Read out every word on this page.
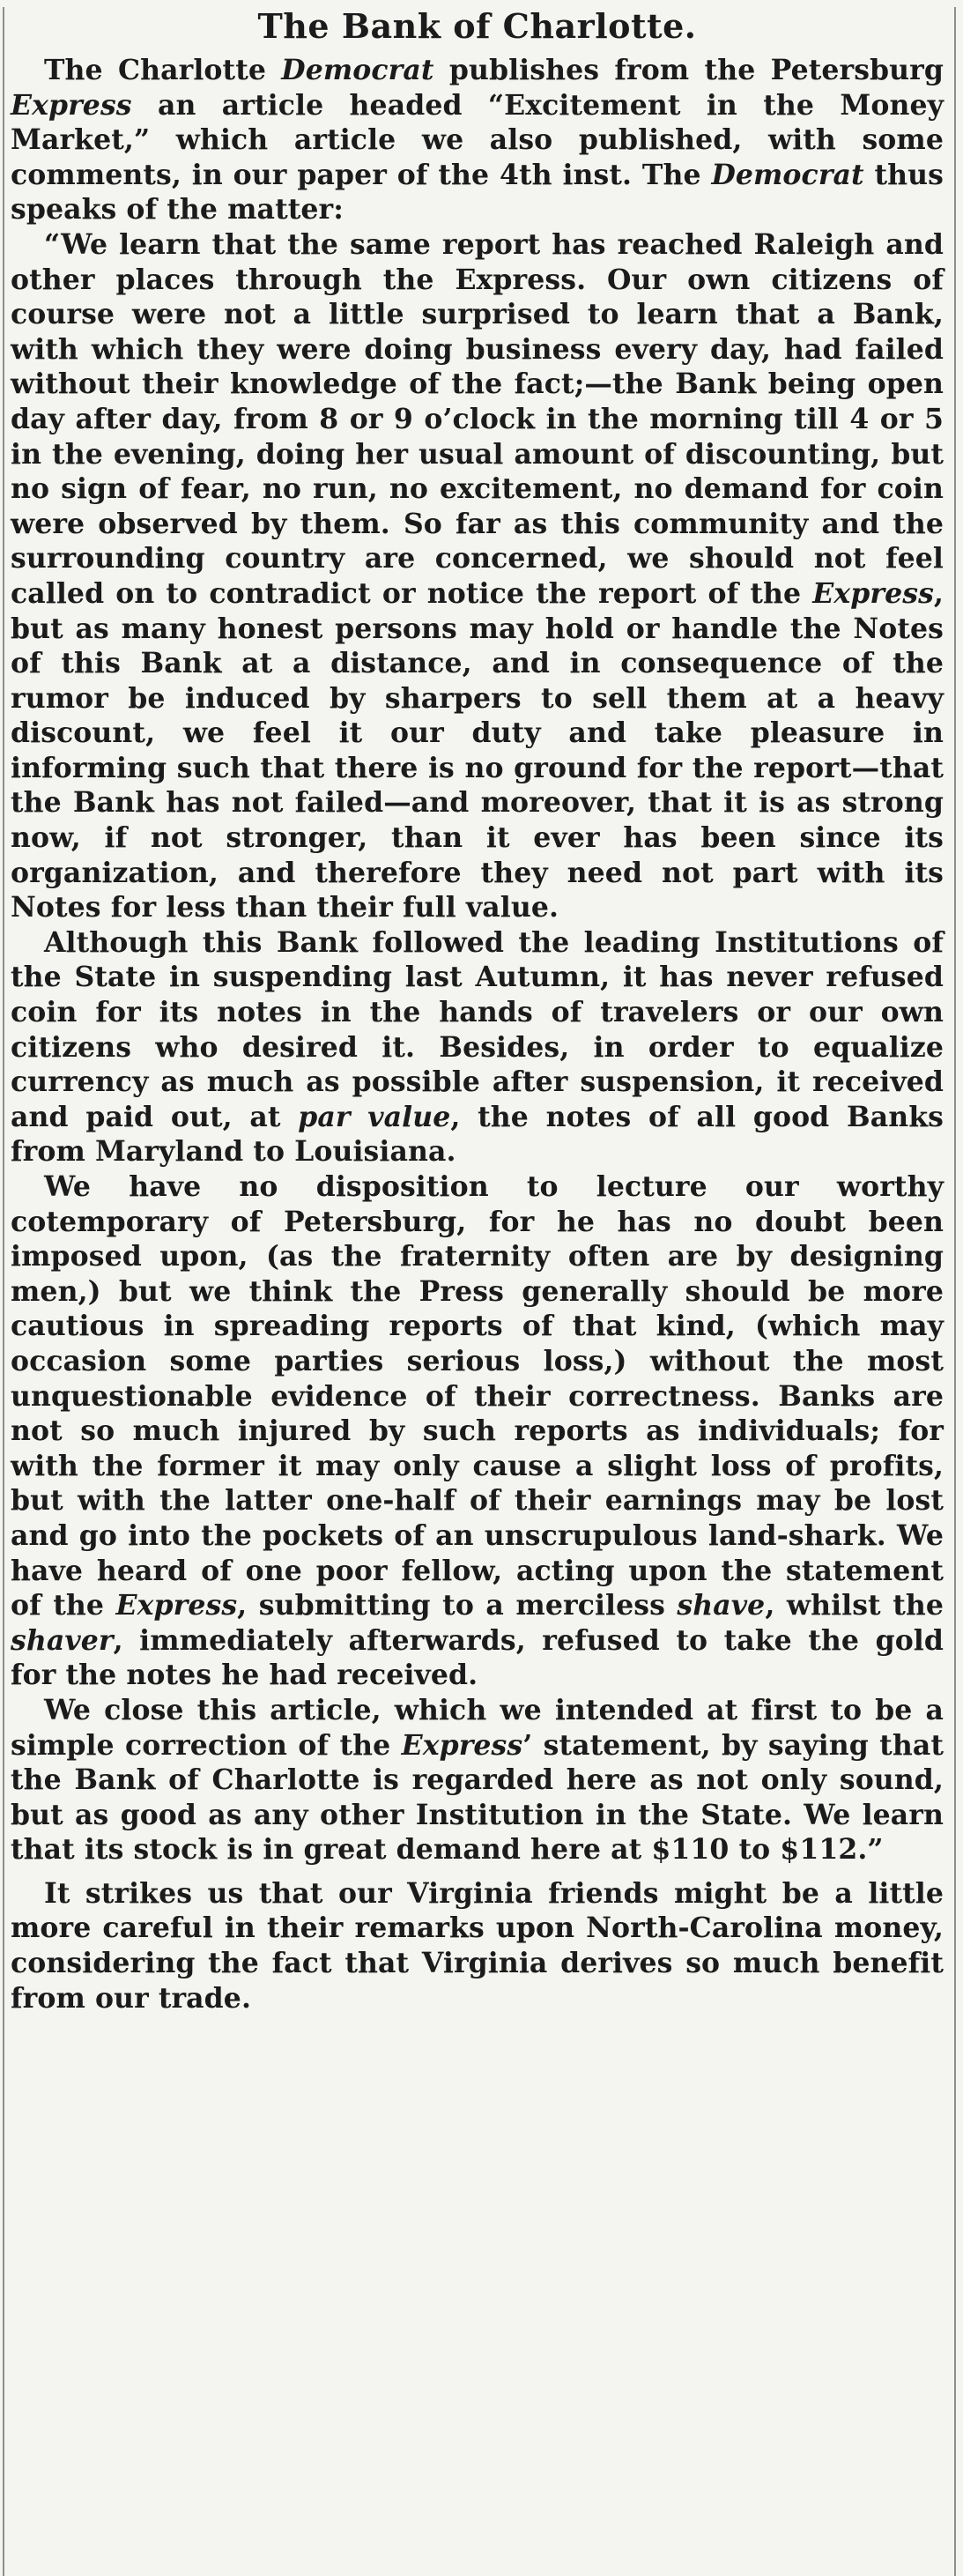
The Bank of Charlotte.

The Charlotte Democrat publishes from the Petersburg Express an article headed “Excitement in the Money Market,” which article we also published, with some comments, in our paper of the 4th inst. The Democrat thus speaks of the matter:

“We learn that the same report has reached Raleigh and other places through the Express. Our own citizens of course were not a little surprised to learn that a Bank, with which they were doing business every day, had failed without their knowledge of the fact;—the Bank being open day after day, from 8 or 9 o’clock in the morning till 4 or 5 in the evening, doing her usual amount of discounting, but no sign of fear, no run, no excitement, no demand for coin were observed by them. So far as this community and the surrounding country are concerned, we should not feel called on to contradict or notice the report of the Express, but as many honest persons may hold or handle the Notes of this Bank at a distance, and in consequence of the rumor be induced by sharpers to sell them at a heavy discount, we feel it our duty and take pleasure in informing such that there is no ground for the report—that the Bank has not failed—and moreover, that it is as strong now, if not stronger, than it ever has been since its organization, and therefore they need not part with its Notes for less than their full value.

Although this Bank followed the leading Institutions of the State in suspending last Autumn, it has never refused coin for its notes in the hands of travelers or our own citizens who desired it. Besides, in order to equalize currency as much as possible after suspension, it received and paid out, at par value, the notes of all good Banks from Maryland to Louisiana.

We have no disposition to lecture our worthy cotemporary of Petersburg, for he has no doubt been imposed upon, (as the fraternity often are by designing men,) but we think the Press generally should be more cautious in spreading reports of that kind, (which may occasion some parties serious loss,) without the most unquestionable evidence of their correctness. Banks are not so much injured by such reports as individuals; for with the former it may only cause a slight loss of profits, but with the latter one-half of their earnings may be lost and go into the pockets of an unscrupulous land-shark. We have heard of one poor fellow, acting upon the statement of the Express, submitting to a merciless shave, whilst the shaver, immediately afterwards, refused to take the gold for the notes he had received.

We close this article, which we intended at first to be a simple correction of the Express’ statement, by saying that the Bank of Charlotte is regarded here as not only sound, but as good as any other Institution in the State. We learn that its stock is in great demand here at $110 to $112.”

It strikes us that our Virginia friends might be a little more careful in their remarks upon North-Carolina money, considering the fact that Virginia derives so much benefit from our trade.
